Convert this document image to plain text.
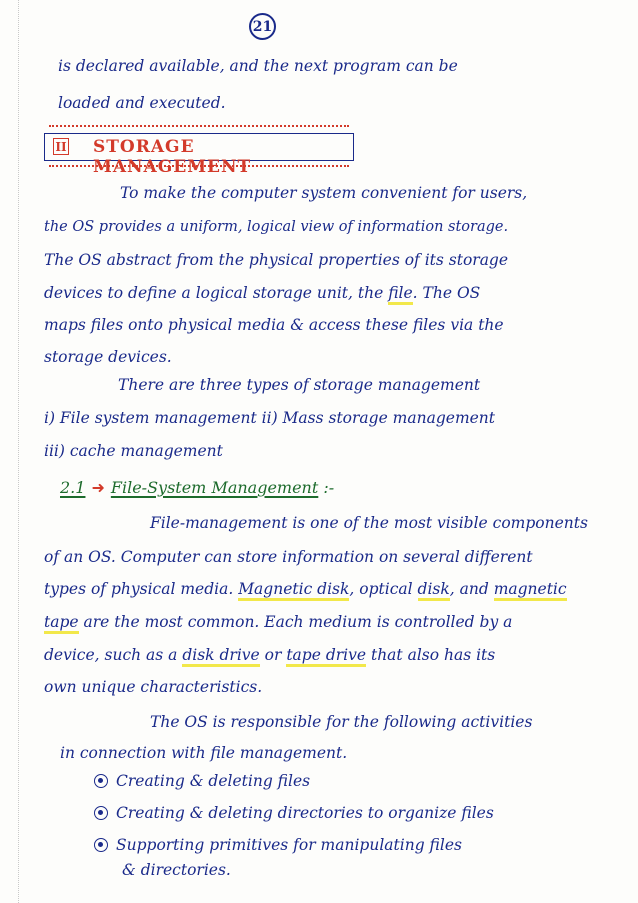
21
is declared available, and the next program can be
loaded and executed.
II STORAGE MANAGEMENT
To make the computer system convenient for users,
the OS provides a uniform, logical view of information storage.
The OS abstract from the physical properties of its storage
devices to define a logical storage unit, the file. The OS
maps files onto physical media & access these files via the
storage devices.
There are three types of storage management
i) File system management ii) Mass storage management
iii) cache management
2.1 ➜ File-System Management :-
File-management is one of the most visible components
of an OS. Computer can store information on several different
types of physical media. Magnetic disk, optical disk, and magnetic
tape are the most common. Each medium is controlled by a
device, such as a disk drive or tape drive that also has its
own unique characteristics.
The OS is responsible for the following activities
in connection with file management.
Creating & deleting files
Creating & deleting directories to organize files
Supporting primitives for manipulating files
& directories.
